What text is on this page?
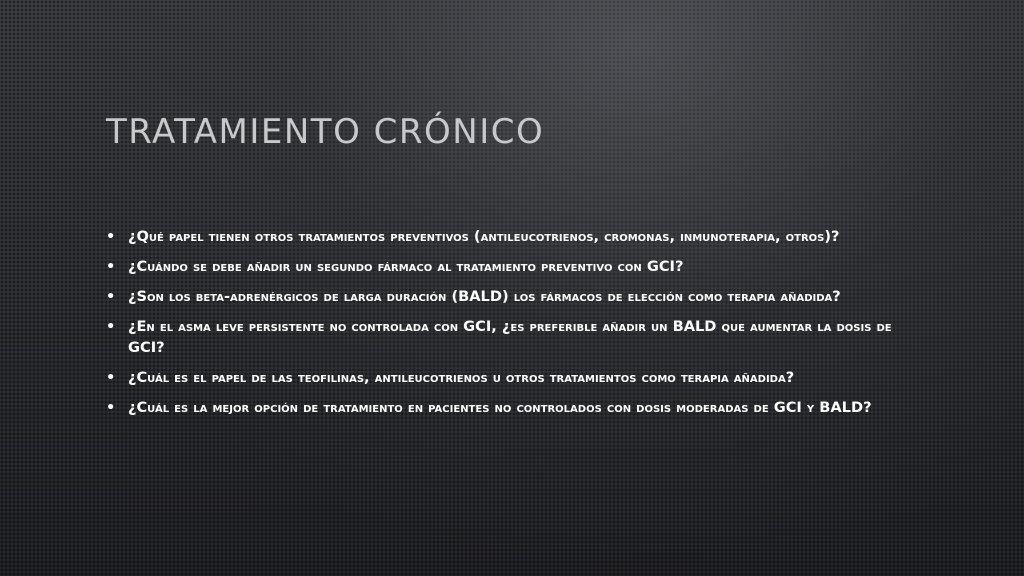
TRATAMIENTO CRÓNICO
• ¿Qué papel tienen otros tratamientos preventivos (antileucotrienos, cromonas, inmunoterapia, otros)?
• ¿Cuándo se debe añadir un segundo fármaco al tratamiento preventivo con GCI?
• ¿Son los beta-adrenérgicos de larga duración (BALD) los fármacos de elección como terapia añadida?
• ¿En el asma leve persistente no controlada con GCI, ¿es preferible añadir un BALD que aumentar la dosis de GCI?
• ¿Cuál es el papel de las teofilinas, antileucotrienos u otros tratamientos como terapia añadida?
• ¿Cuál es la mejor opción de tratamiento en pacientes no controlados con dosis moderadas de GCI y BALD?
